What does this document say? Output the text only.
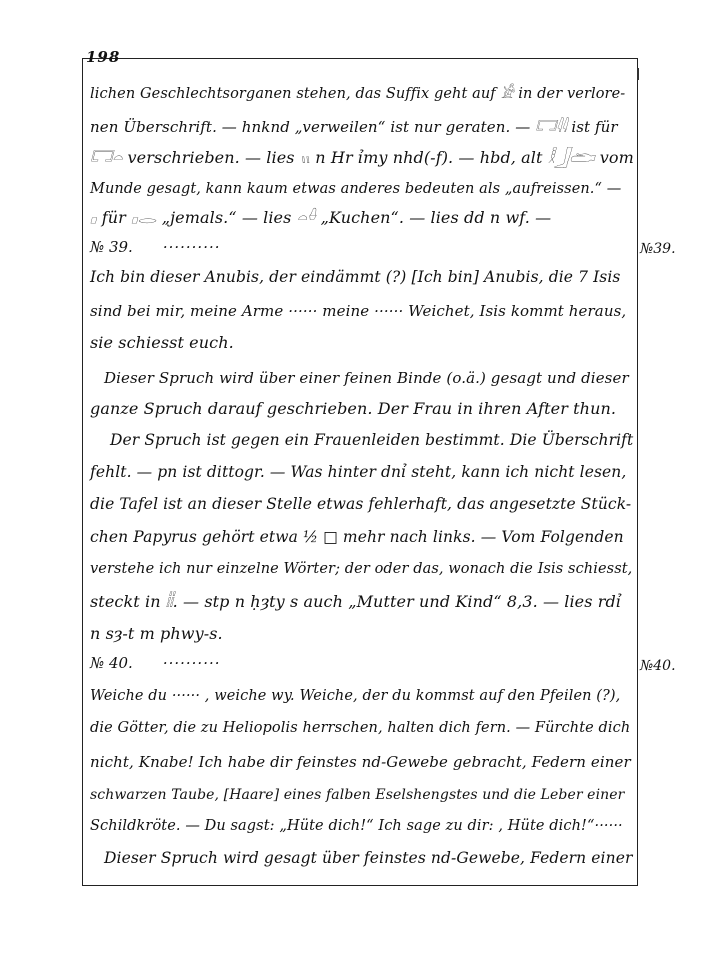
198
lichen Geschlechtsorganen stehen, das Suffix geht auf 𓀀 in der verlore-
nen Überschrift. — hnknd „verweilen“ ist nur geraten. — 𓉐𓇋𓇋 ist für
𓉐𓏏 verschrieben. — lies 𓏭 n Hr ỉmy nhd(-f). — hbd, alt 𓎛𓃀𓂧 vom
Munde gesagt, kann kaum etwas anderes bedeuten als „aufreissen.“ —
𓊪 für 𓊪𓂋 „jemals.“ — lies 𓏏𓏐 „Kuchen“. — lies dd n wf. —
№ 39. ··········	№39.
Ich bin dieser Anubis, der eindämmt (?) [Ich bin] Anubis, die 7 Isis
sind bei mir, meine Arme ······ meine ······ Weichet, Isis kommt heraus,
sie schiesst euch.
Dieser Spruch wird über einer feinen Binde (o.ä.) gesagt und dieser
ganze Spruch darauf geschrieben. Der Frau in ihren After thun.
Der Spruch ist gegen ein Frauenleiden bestimmt. Die Überschrift
fehlt. — pn ist dittogr. — Was hinter dnỉ steht, kann ich nicht lesen,
die Tafel ist an dieser Stelle etwas fehlerhaft, das angesetzte Stück-
chen Papyrus gehört etwa ½ □ mehr nach links. — Vom Folgenden
verstehe ich nur einzelne Wörter; der oder das, wonach die Isis schiesst,
steckt in 𓏪𓏪. — stp n ḥȝty s auch „Mutter und Kind“ 8,3. — lies rdỉ
n sȝ-t m phwy-s.
№ 40. ··········	№40.
Weiche du ······ , weiche wy. Weiche, der du kommst auf den Pfeilen (?),
die Götter, die zu Heliopolis herrschen, halten dich fern. — Fürchte dich
nicht, Knabe! Ich habe dir feinstes nd-Gewebe gebracht, Federn einer
schwarzen Taube, [Haare] eines falben Eselshengstes und die Leber einer
Schildkröte. — Du sagst: „Hüte dich!“ Ich sage zu dir: , Hüte dich!“······
Dieser Spruch wird gesagt über feinstes nd-Gewebe, Federn einer
